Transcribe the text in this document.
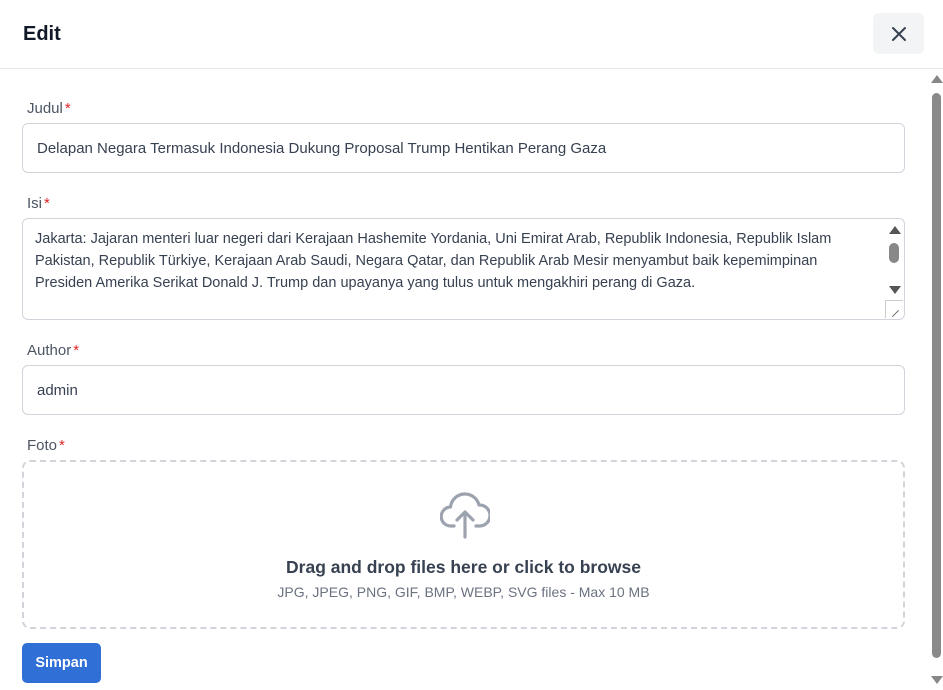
Edit
Judul *
Delapan Negara Termasuk Indonesia Dukung Proposal Trump Hentikan Perang Gaza
Isi *
Jakarta: Jajaran menteri luar negeri dari Kerajaan Hashemite Yordania, Uni Emirat Arab, Republik Indonesia, Republik Islam Pakistan, Republik Türkiye, Kerajaan Arab Saudi, Negara Qatar, dan Republik Arab Mesir menyambut baik kepemimpinan Presiden Amerika Serikat Donald J. Trump dan upayanya yang tulus untuk mengakhiri perang di Gaza.
Author *
admin
Foto *
Drag and drop files here or click to browse
JPG, JPEG, PNG, GIF, BMP, WEBP, SVG files - Max 10 MB
Simpan
